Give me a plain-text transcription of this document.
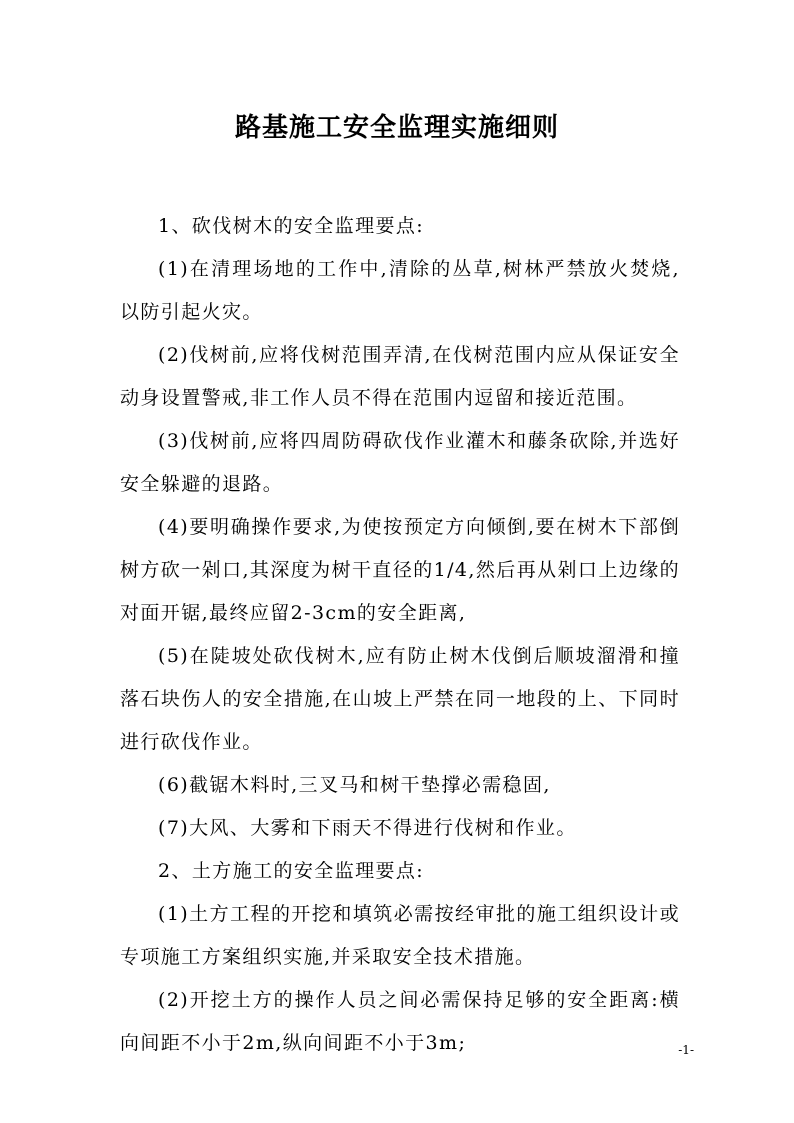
路基施工安全监理实施细则

1、砍伐树木的安全监理要点:

(1)在清理场地的工作中,清除的丛草,树林严禁放火焚烧,以防引起火灾。

(2)伐树前,应将伐树范围弄清,在伐树范围内应从保证安全动身设置警戒,非工作人员不得在范围内逗留和接近范围。

(3)伐树前,应将四周防碍砍伐作业灌木和藤条砍除,并选好安全躲避的退路。

(4)要明确操作要求,为使按预定方向倾倒,要在树木下部倒树方砍一剁口,其深度为树干直径的1/4,然后再从剁口上边缘的对面开锯,最终应留2-3cm的安全距离,

(5)在陡坡处砍伐树木,应有防止树木伐倒后顺坡溜滑和撞落石块伤人的安全措施,在山坡上严禁在同一地段的上、下同时进行砍伐作业。

(6)截锯木料时,三叉马和树干垫撑必需稳固,

(7)大风、大雾和下雨天不得进行伐树和作业。

2、土方施工的安全监理要点:

(1)土方工程的开挖和填筑必需按经审批的施工组织设计或专项施工方案组织实施,并采取安全技术措施。

(2)开挖土方的操作人员之间必需保持足够的安全距离:横向间距不小于2m,纵向间距不小于3m;	-1-
